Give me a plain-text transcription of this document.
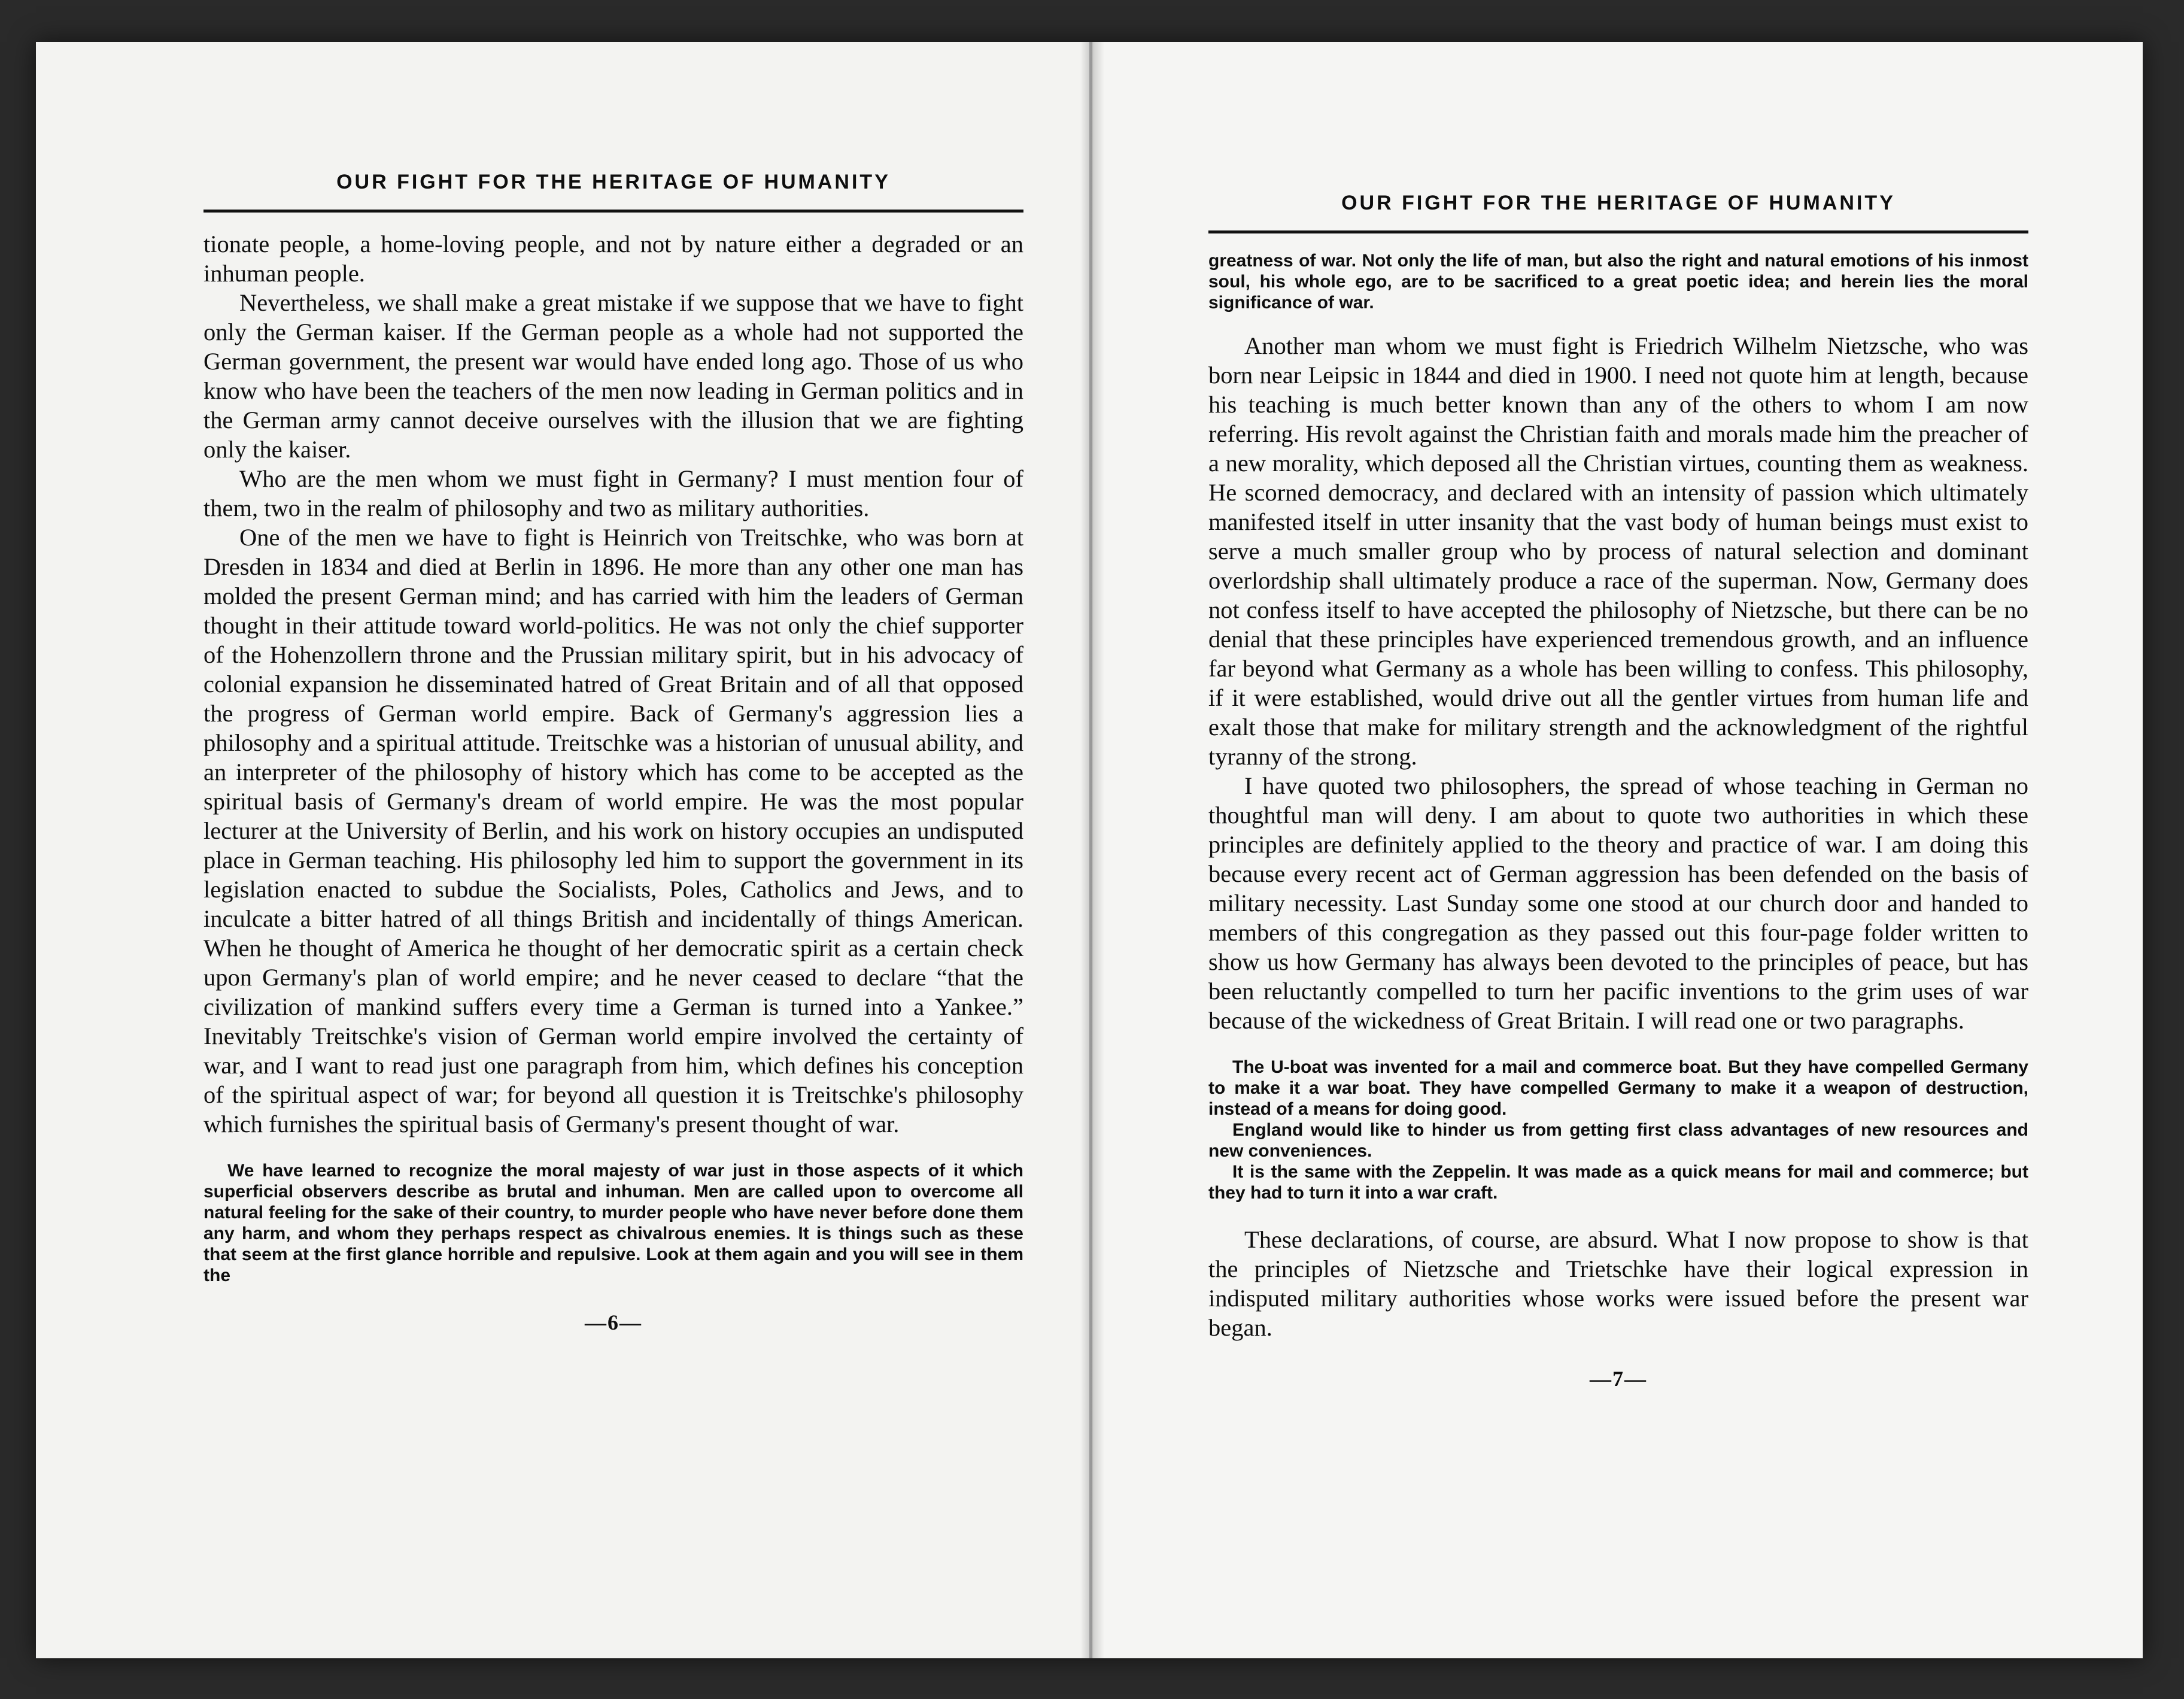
OUR FIGHT FOR THE HERITAGE OF HUMANITY

tionate people, a home-loving people, and not by nature either a degraded or an inhuman people.

Nevertheless, we shall make a great mistake if we suppose that we have to fight only the German kaiser. If the German people as a whole had not supported the German government, the present war would have ended long ago. Those of us who know who have been the teachers of the men now leading in German politics and in the German army cannot deceive ourselves with the illusion that we are fighting only the kaiser.

Who are the men whom we must fight in Germany? I must mention four of them, two in the realm of philosophy and two as military authorities.

One of the men we have to fight is Heinrich von Treitschke, who was born at Dresden in 1834 and died at Berlin in 1896. He more than any other one man has molded the present German mind; and has carried with him the leaders of German thought in their attitude toward world-politics. He was not only the chief supporter of the Hohenzollern throne and the Prussian military spirit, but in his advocacy of colonial expansion he disseminated hatred of Great Britain and of all that opposed the progress of German world empire. Back of Germany's aggression lies a philosophy and a spiritual attitude. Treitschke was a historian of unusual ability, and an interpreter of the philosophy of history which has come to be accepted as the spiritual basis of Germany's dream of world empire. He was the most popular lecturer at the University of Berlin, and his work on history occupies an undisputed place in German teaching. His philosophy led him to support the government in its legislation enacted to subdue the Socialists, Poles, Catholics and Jews, and to inculcate a bitter hatred of all things British and incidentally of things American. When he thought of America he thought of her democratic spirit as a certain check upon Germany's plan of world empire; and he never ceased to declare “that the civilization of mankind suffers every time a German is turned into a Yankee.” Inevitably Treitschke's vision of German world empire involved the certainty of war, and I want to read just one paragraph from him, which defines his conception of the spiritual aspect of war; for beyond all question it is Treitschke's philosophy which furnishes the spiritual basis of Germany's present thought of war.

We have learned to recognize the moral majesty of war just in those aspects of it which superficial observers describe as brutal and inhuman. Men are called upon to overcome all natural feeling for the sake of their country, to murder people who have never before done them any harm, and whom they perhaps respect as chivalrous enemies. It is things such as these that seem at the first glance horrible and repulsive. Look at them again and you will see in them the

—6—
OUR FIGHT FOR THE HERITAGE OF HUMANITY

greatness of war. Not only the life of man, but also the right and natural emotions of his inmost soul, his whole ego, are to be sacrificed to a great poetic idea; and herein lies the moral significance of war.

Another man whom we must fight is Friedrich Wilhelm Nietzsche, who was born near Leipsic in 1844 and died in 1900. I need not quote him at length, because his teaching is much better known than any of the others to whom I am now referring. His revolt against the Christian faith and morals made him the preacher of a new morality, which deposed all the Christian virtues, counting them as weakness. He scorned democracy, and declared with an intensity of passion which ultimately manifested itself in utter insanity that the vast body of human beings must exist to serve a much smaller group who by process of natural selection and dominant overlordship shall ultimately produce a race of the superman. Now, Germany does not confess itself to have accepted the philosophy of Nietzsche, but there can be no denial that these principles have experienced tremendous growth, and an influence far beyond what Germany as a whole has been willing to confess. This philosophy, if it were established, would drive out all the gentler virtues from human life and exalt those that make for military strength and the acknowledgment of the rightful tyranny of the strong.

I have quoted two philosophers, the spread of whose teaching in German no thoughtful man will deny. I am about to quote two authorities in which these principles are definitely applied to the theory and practice of war. I am doing this because every recent act of German aggression has been defended on the basis of military necessity. Last Sunday some one stood at our church door and handed to members of this congregation as they passed out this four-page folder written to show us how Germany has always been devoted to the principles of peace, but has been reluctantly compelled to turn her pacific inventions to the grim uses of war because of the wickedness of Great Britain. I will read one or two paragraphs.

The U-boat was invented for a mail and commerce boat. But they have compelled Germany to make it a war boat. They have compelled Germany to make it a weapon of destruction, instead of a means for doing good.

England would like to hinder us from getting first class advantages of new resources and new conveniences.

It is the same with the Zeppelin. It was made as a quick means for mail and commerce; but they had to turn it into a war craft.

These declarations, of course, are absurd. What I now propose to show is that the principles of Nietzsche and Trietschke have their logical expression in indisputed military authorities whose works were issued before the present war began.

—7—
